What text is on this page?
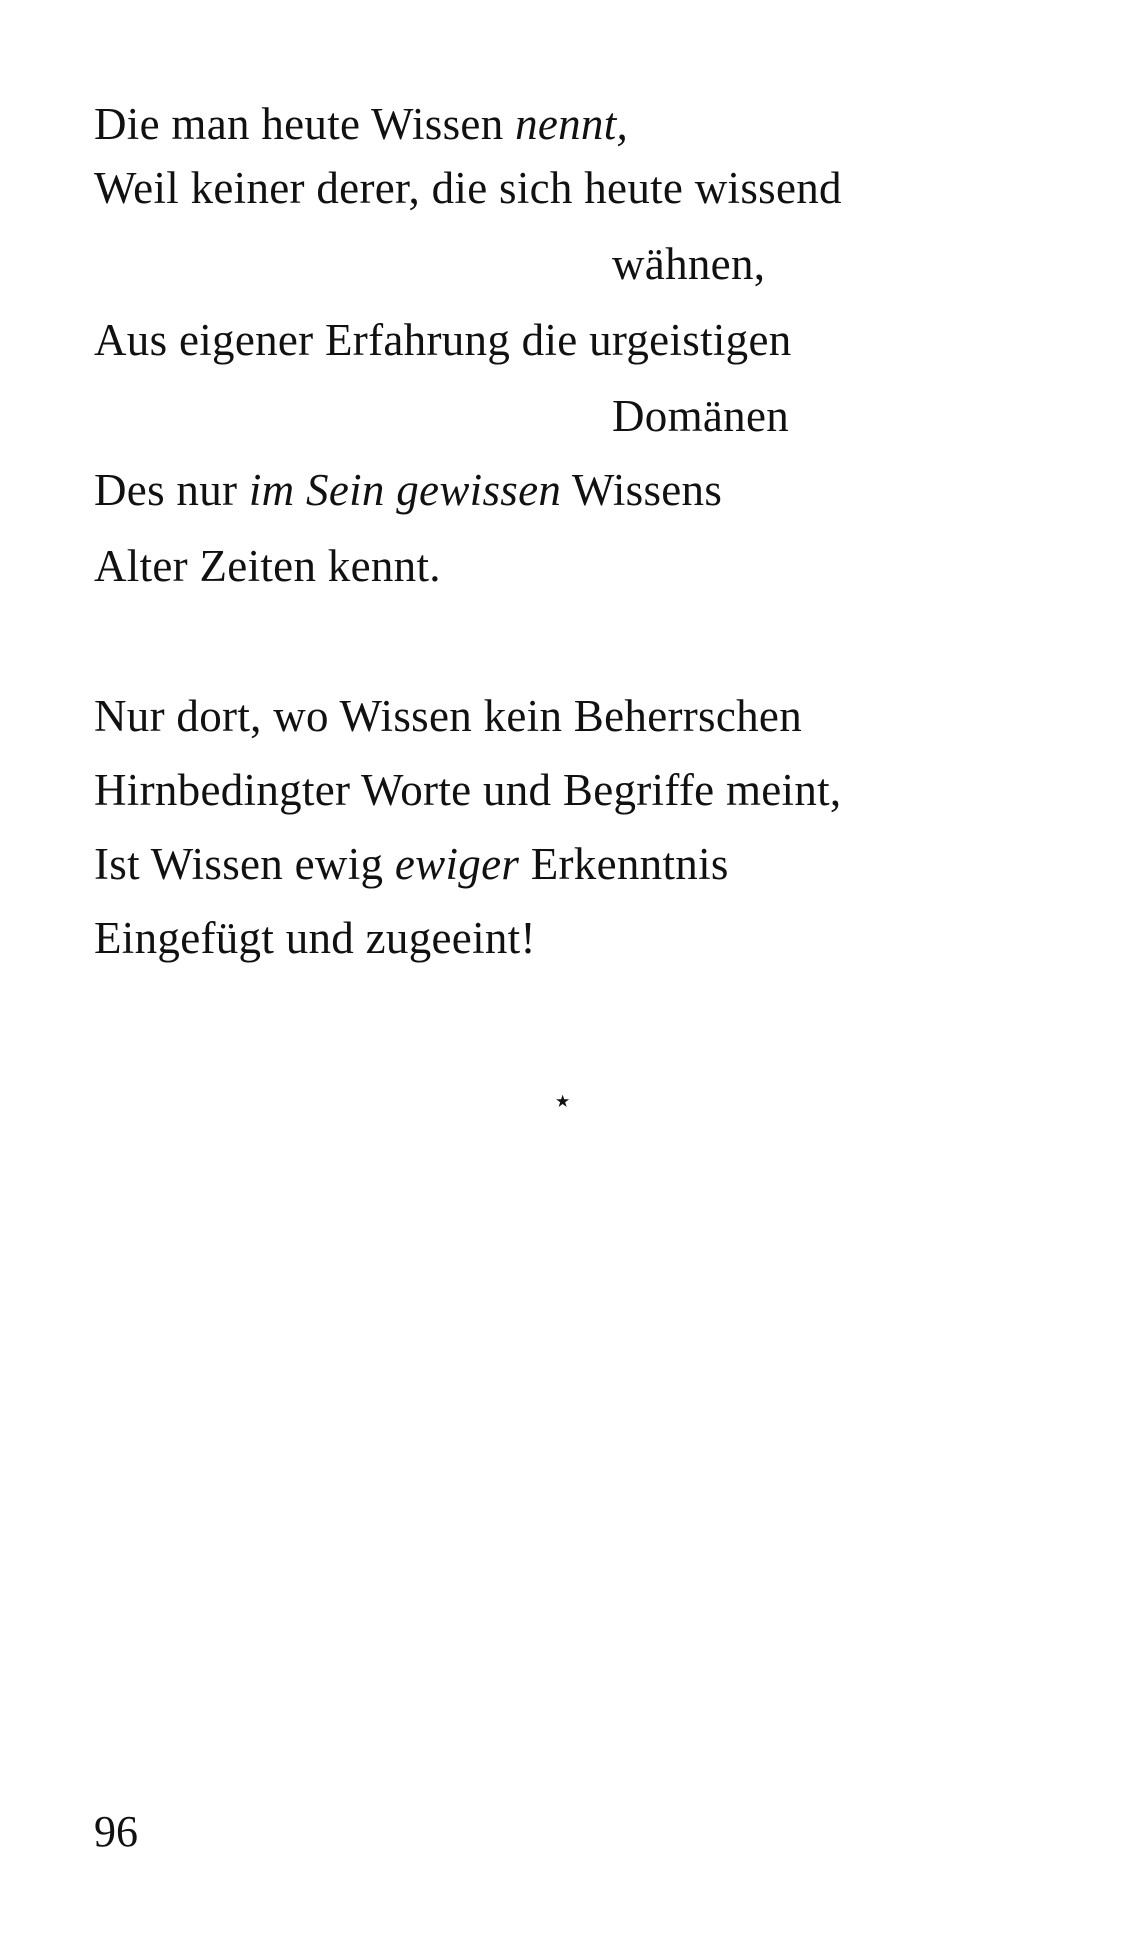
Die man heute Wissen nennt,
Weil keiner derer, die sich heute wissend
wähnen,
Aus eigener Erfahrung die urgeistigen
Domänen
Des nur im Sein gewissen Wissens
Alter Zeiten kennt.
Nur dort, wo Wissen kein Beherrschen
Hirnbedingter Worte und Begriffe meint,
Ist Wissen ewig ewiger Erkenntnis
Eingefügt und zugeeint!
⋆
96
